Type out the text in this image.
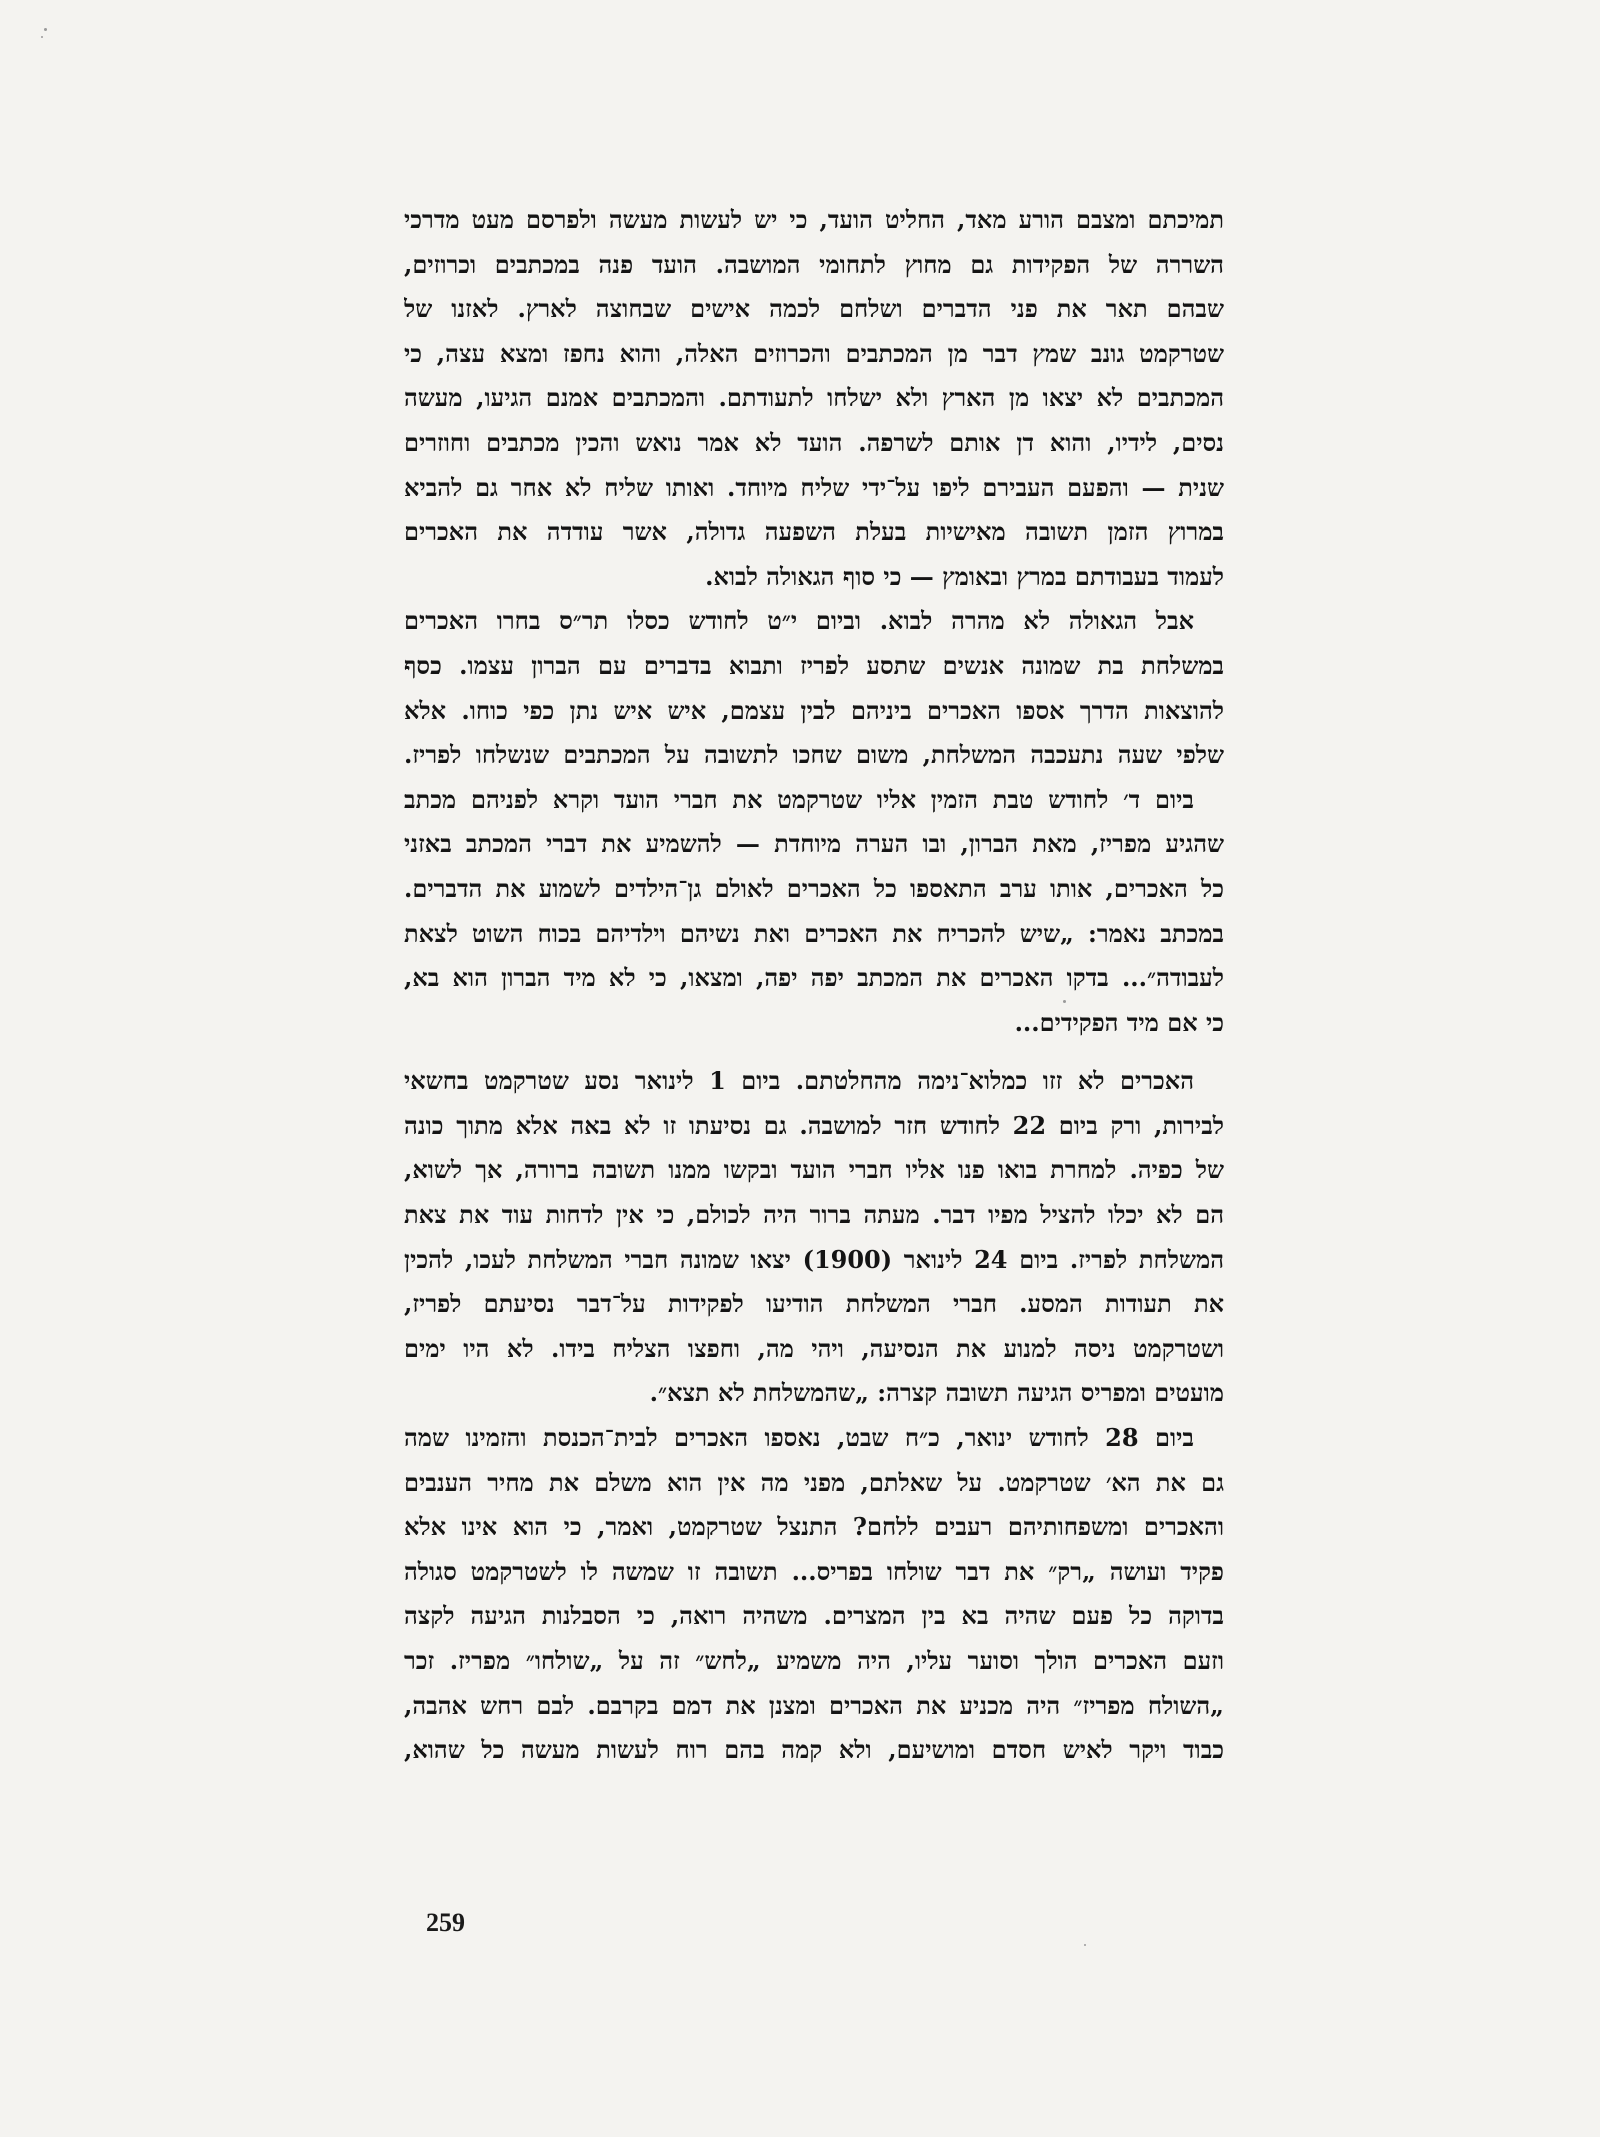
תמיכתם ומצבם הורע מאד, החליט הועד, כי יש לעשות מעשה ולפרסם מעט מדרכי
השררה של הפקידות גם מחוץ לתחומי המושבה. הועד פנה במכתבים וכרוזים,
שבהם תאר את פני הדברים ושלחם לכמה אישים שבחוצה לארץ. לאזנו של
שטרקמט גונב שמץ דבר מן המכתבים והכרוזים האלה, והוא נחפז ומצא עצה, כי
המכתבים לא יצאו מן הארץ ולא ישלחו לתעודתם. והמכתבים אמנם הגיעו, מעשה
נסים, לידיו, והוא דן אותם לשרפה. הועד לא אמר נואש והכין מכתבים וחוזרים
שנית — והפעם העבירם ליפו על־ידי שליח מיוחד. ואותו שליח לא אחר גם להביא
במרוץ הזמן תשובה מאישיות בעלת השפעה גדולה, אשר עודדה את האכרים
לעמוד בעבודתם במרץ ובאומץ — כי סוף הגאולה לבוא.
אבל הגאולה לא מהרה לבוא. וביום י״ט לחודש כסלו תר״ס בחרו האכרים
במשלחת בת שמונה אנשים שתסע לפריז ותבוא בדברים עם הברון עצמו. כסף
להוצאות הדרך אספו האכרים ביניהם לבין עצמם, איש איש נתן כפי כוחו. אלא
שלפי שעה נתעכבה המשלחת, משום שחכו לתשובה על המכתבים שנשלחו לפריז.
ביום ד׳ לחודש טבת הזמין אליו שטרקמט את חברי הועד וקרא לפניהם מכתב
שהגיע מפריז, מאת הברון, ובו הערה מיוחדת — להשמיע את דברי המכתב באזני
כל האכרים, אותו ערב התאספו כל האכרים לאולם גן־הילדים לשמוע את הדברים.
במכתב נאמר: „שיש להכריח את האכרים ואת נשיהם וילדיהם בכוח השוט לצאת
לעבודה״... בדקו האכרים את המכתב יפה יפה, ומצאו, כי לא מיד הברון הוא בא,
כי אם מיד הפקידים...
האכרים לא זזו כמלוא־נימה מהחלטתם. ביום 1 לינואר נסע שטרקמט בחשאי
לבירות, ורק ביום 22 לחודש חזר למושבה. גם נסיעתו זו לא באה אלא מתוך כונה
של כפיה. למחרת בואו פנו אליו חברי הועד ובקשו ממנו תשובה ברורה, אך לשוא,
הם לא יכלו להציל מפיו דבר. מעתה ברור היה לכולם, כי אין לדחות עוד את צאת
המשלחת לפריז. ביום 24 לינואר (1900) יצאו שמונה חברי המשלחת לעכו, להכין
את תעודות המסע. חברי המשלחת הודיעו לפקידות על־דבר נסיעתם לפריז,
ושטרקמט ניסה למנוע את הנסיעה, ויהי מה, וחפצו הצליח בידו. לא היו ימים
מועטים ומפריס הגיעה תשובה קצרה: „שהמשלחת לא תצא״.
ביום 28 לחודש ינואר, כ״ח שבט, נאספו האכרים לבית־הכנסת והזמינו שמה
גם את הא׳ שטרקמט. על שאלתם, מפני מה אין הוא משלם את מחיר הענבים
והאכרים ומשפחותיהם רעבים ללחם? התנצל שטרקמט, ואמר, כי הוא אינו אלא
פקיד ועושה „רק״ את דבר שולחו בפריס... תשובה זו שמשה לו לשטרקמט סגולה
בדוקה כל פעם שהיה בא בין המצרים. משהיה רואה, כי הסבלנות הגיעה לקצה
וזעם האכרים הולך וסוער עליו, היה משמיע „לחש״ זה על „שולחו״ מפריז. זכר
„השולח מפריז״ היה מכניע את האכרים ומצנן את דמם בקרבם. לבם רחש אהבה,
כבוד ויקר לאיש חסדם ומושיעם, ולא קמה בהם רוח לעשות מעשה כל שהוא,
259
